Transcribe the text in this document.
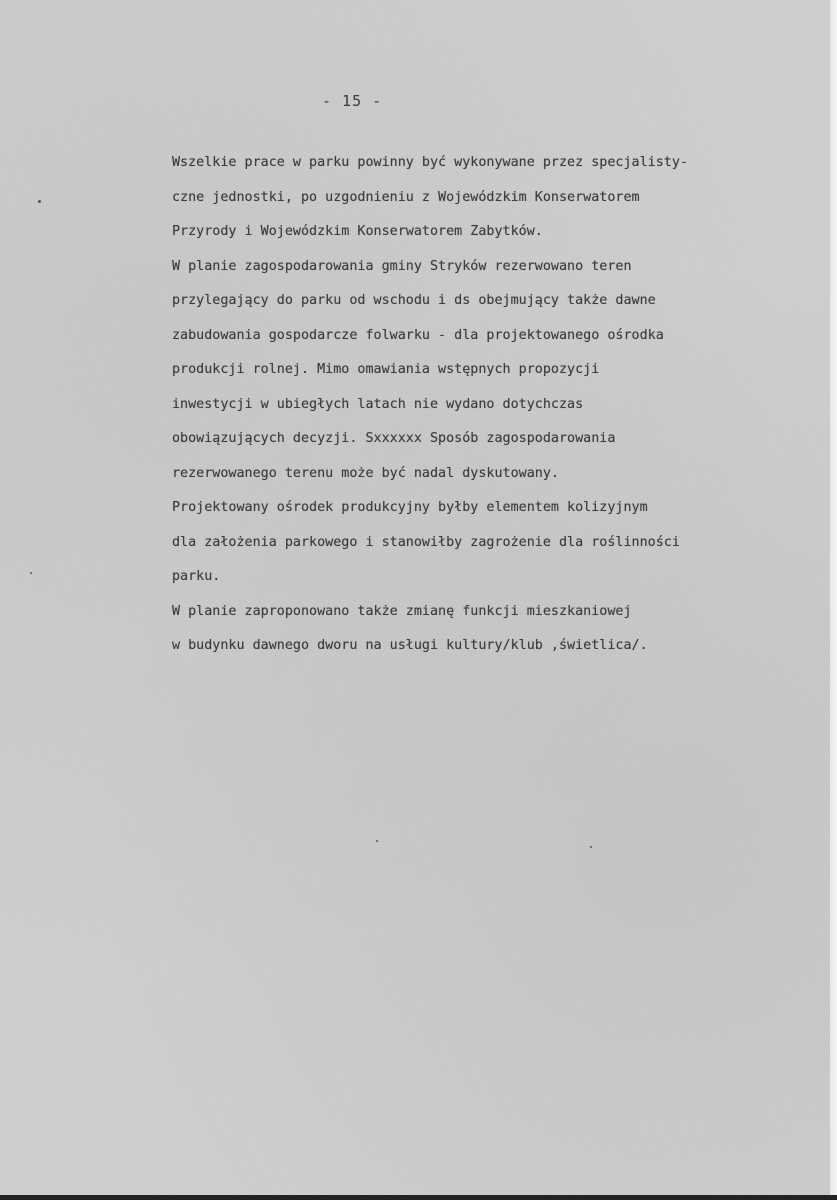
- 15 -
Wszelkie prace w parku powinny być wykonywane przez specjalisty-
czne jednostki, po uzgodnieniu z Wojewódzkim Konserwatorem
Przyrody i Wojewódzkim Konserwatorem Zabytków.
W planie zagospodarowania gminy Stryków rezerwowano teren
przylegający do parku od wschodu i ds obejmujący także dawne
zabudowania gospodarcze folwarku - dla projektowanego ośrodka
produkcji rolnej. Mimo omawiania wstępnych propozycji
inwestycji w ubiegłych latach nie wydano dotychczas
obowiązujących decyzji. Sxxxxxx Sposób zagospodarowania
rezerwowanego terenu może być nadal dyskutowany.
Projektowany ośrodek produkcyjny byłby elementem kolizyjnym
dla założenia parkowego i stanowiłby zagrożenie dla roślinności
parku.
W planie zaproponowano także zmianę funkcji mieszkaniowej
w budynku dawnego dworu na usługi kultury/klub ,świetlica/.
